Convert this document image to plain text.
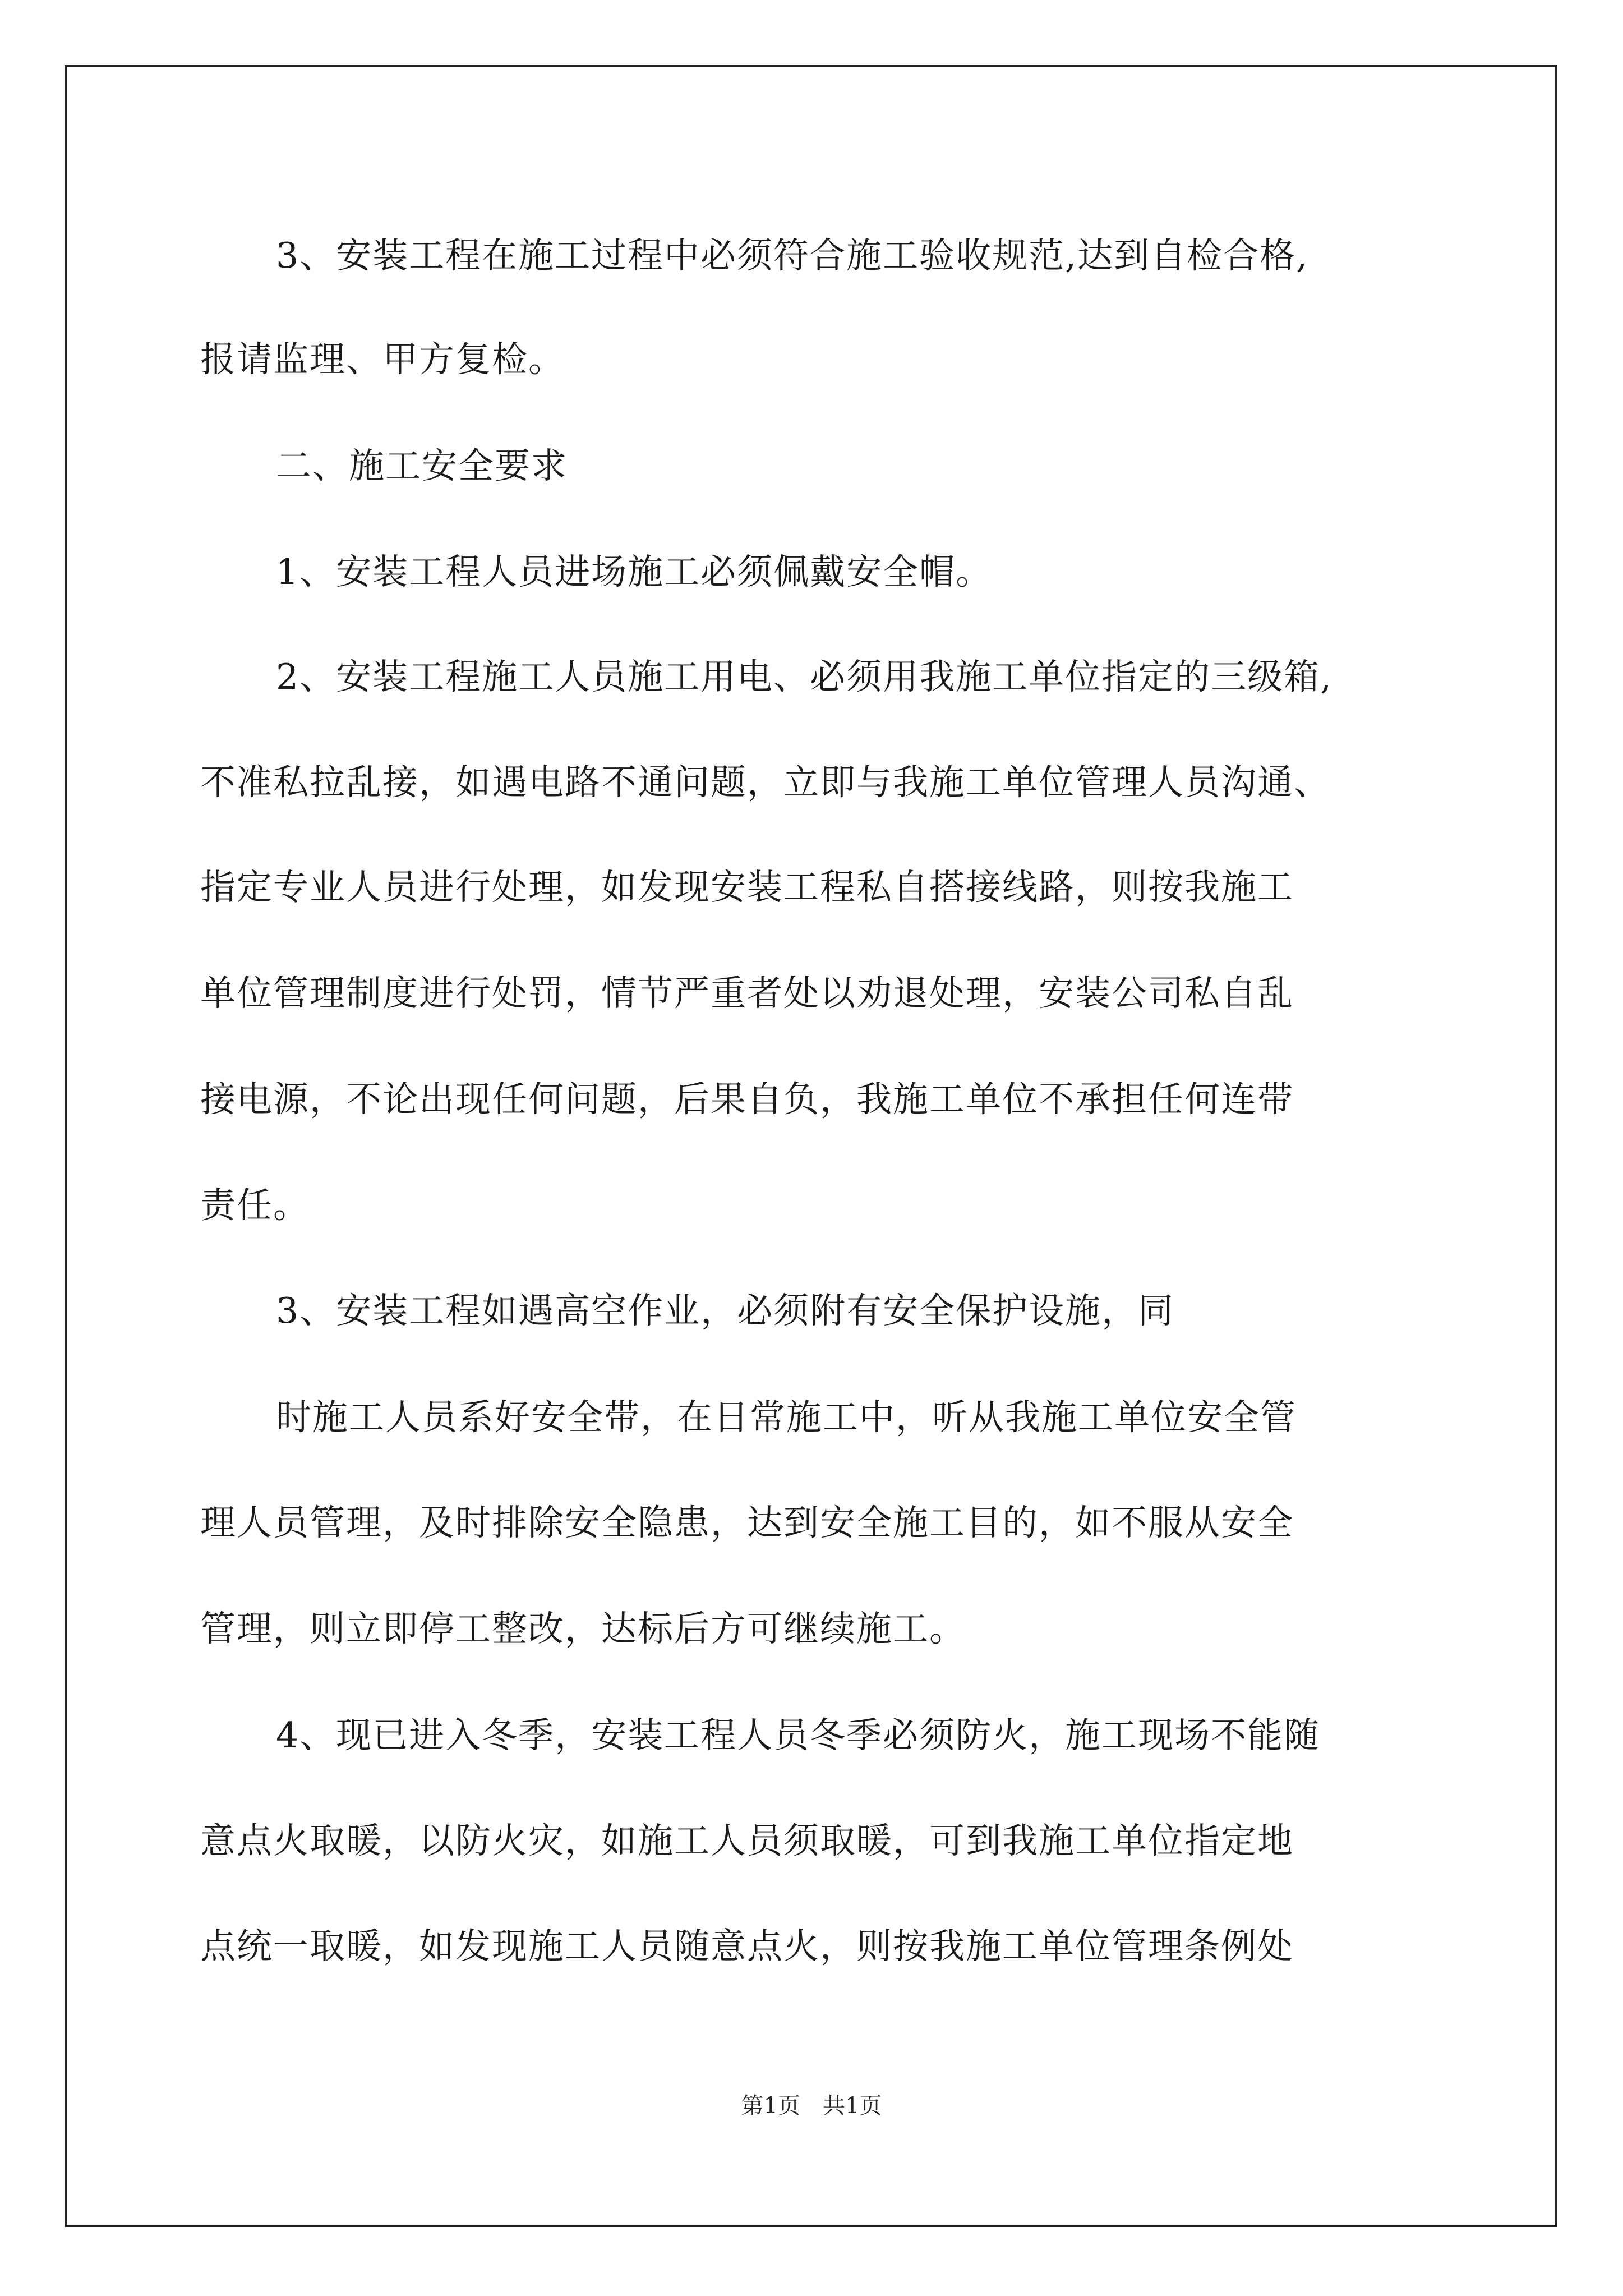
3、安装工程在施工过程中必须符合施工验收规范,达到自检合格,
报请监理、甲方复检。
二、施工安全要求
1、安装工程人员进场施工必须佩戴安全帽。
2、安装工程施工人员施工用电、必须用我施工单位指定的三级箱,
不准私拉乱接，如遇电路不通问题，立即与我施工单位管理人员沟通、
指定专业人员进行处理，如发现安装工程私自搭接线路，则按我施工
单位管理制度进行处罚，情节严重者处以劝退处理，安装公司私自乱
接电源，不论出现任何问题，后果自负，我施工单位不承担任何连带
责任。
3、安装工程如遇高空作业，必须附有安全保护设施，同
时施工人员系好安全带，在日常施工中，听从我施工单位安全管
理人员管理，及时排除安全隐患，达到安全施工目的，如不服从安全
管理，则立即停工整改，达标后方可继续施工。
4、现已进入冬季，安装工程人员冬季必须防火，施工现场不能随
意点火取暖，以防火灾，如施工人员须取暖，可到我施工单位指定地
点统一取暖，如发现施工人员随意点火，则按我施工单位管理条例处
第1页　共1页
